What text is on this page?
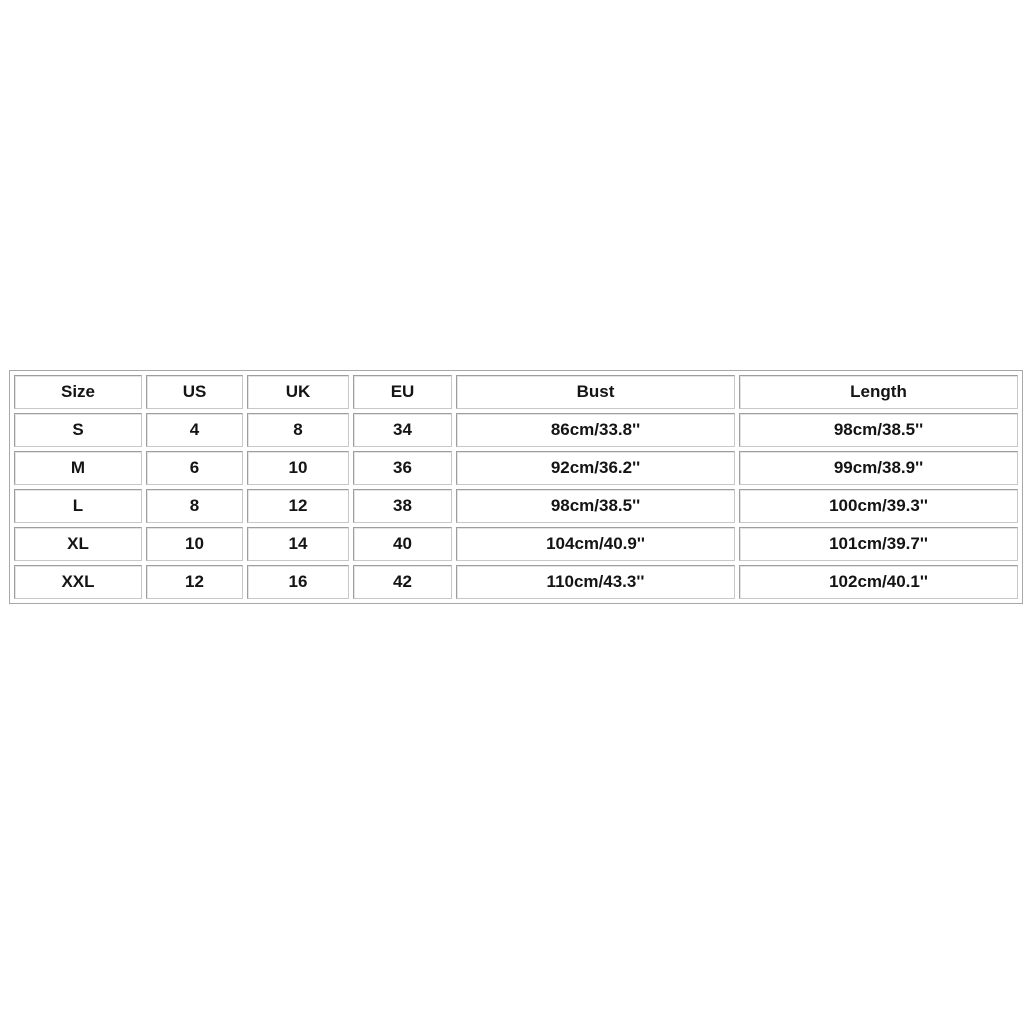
Size	US	UK	EU	Bust	Length
S	4	8	34	86cm/33.8''	98cm/38.5''
M	6	10	36	92cm/36.2''	99cm/38.9''
L	8	12	38	98cm/38.5''	100cm/39.3''
XL	10	14	40	104cm/40.9''	101cm/39.7''
XXL	12	16	42	110cm/43.3''	102cm/40.1''
